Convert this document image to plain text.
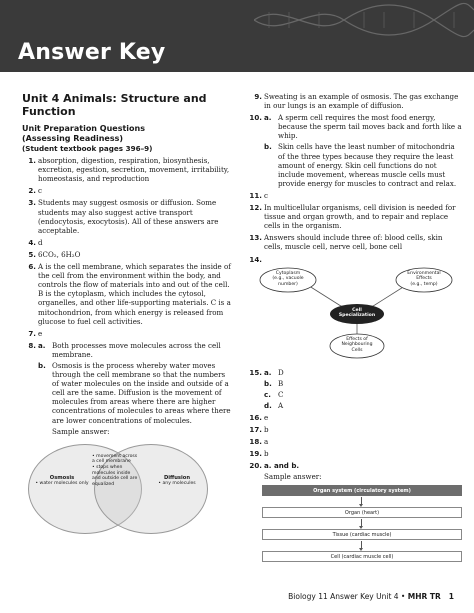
Answer Key
Unit 4 Animals: Structure and Function
Unit Preparation Questions
(Assessing Readiness)
(Student textbook pages 396–9)
1. absorption, digestion, respiration, biosynthesis, excretion, egestion, secretion, movement, irritability, homeostasis, and reproduction

2. c

3. Students may suggest osmosis or diffusion. Some students may also suggest active transport (endocytosis, exocytosis). All of these answers are acceptable.

4. d

5. 6CO₂, 6H₂O

6. A is the cell membrane, which separates the inside of the cell from the environment within the body, and controls the flow of materials into and out of the cell. B is the cytoplasm, which includes the cytosol, organelles, and other life-supporting materials. C is a mitochondrion, from which energy is released from glucose to fuel cell activities.

7. e

8. a. Both processes move molecules across the cell membrane.

b. Osmosis is the process whereby water moves through the cell membrane so that the numbers of water molecules on the inside and outside of a cell are the same. Diffusion is the movement of molecules from areas where there are higher concentrations of molecules to areas where there are lower concentrations of molecules.

Sample answer:

Osmosis
• water molecules only
• movement across a cell membrane
• stops when molecules inside and outside cell are equalized
Diffusion
• any molecules
9. Sweating is an example of osmosis. The gas exchange in our lungs is an example of diffusion.

10. a. A sperm cell requires the most food energy, because the sperm tail moves back and forth like a whip.

b. Skin cells have the least number of mitochondria of the three types because they require the least amount of energy. Skin cell functions do not include movement, whereas muscle cells must provide energy for muscles to contract and relax.

11. c

12. In multicellular organisms, cell division is needed for tissue and organ growth, and to repair and replace cells in the organism.

13. Answers should include three of: blood cells, skin cells, muscle cell, nerve cell, bone cell

14.

Cytoplasm
(e.g., vacuole
number)
Environmental
Effects
(e.g., temp)
Cell
Specialization
Effects of
Neighbouring
Cells
15. a. D

b. B

c. C

d. A

16. e

17. b

18. a

19. b

20. a. and b.

Sample answer:

Organ system (circulatory system)
Organ (heart)
Tissue (cardiac muscle)
Cell (cardiac muscle cell)
Biology 11 Answer Key Unit 4 • MHR TR 1
